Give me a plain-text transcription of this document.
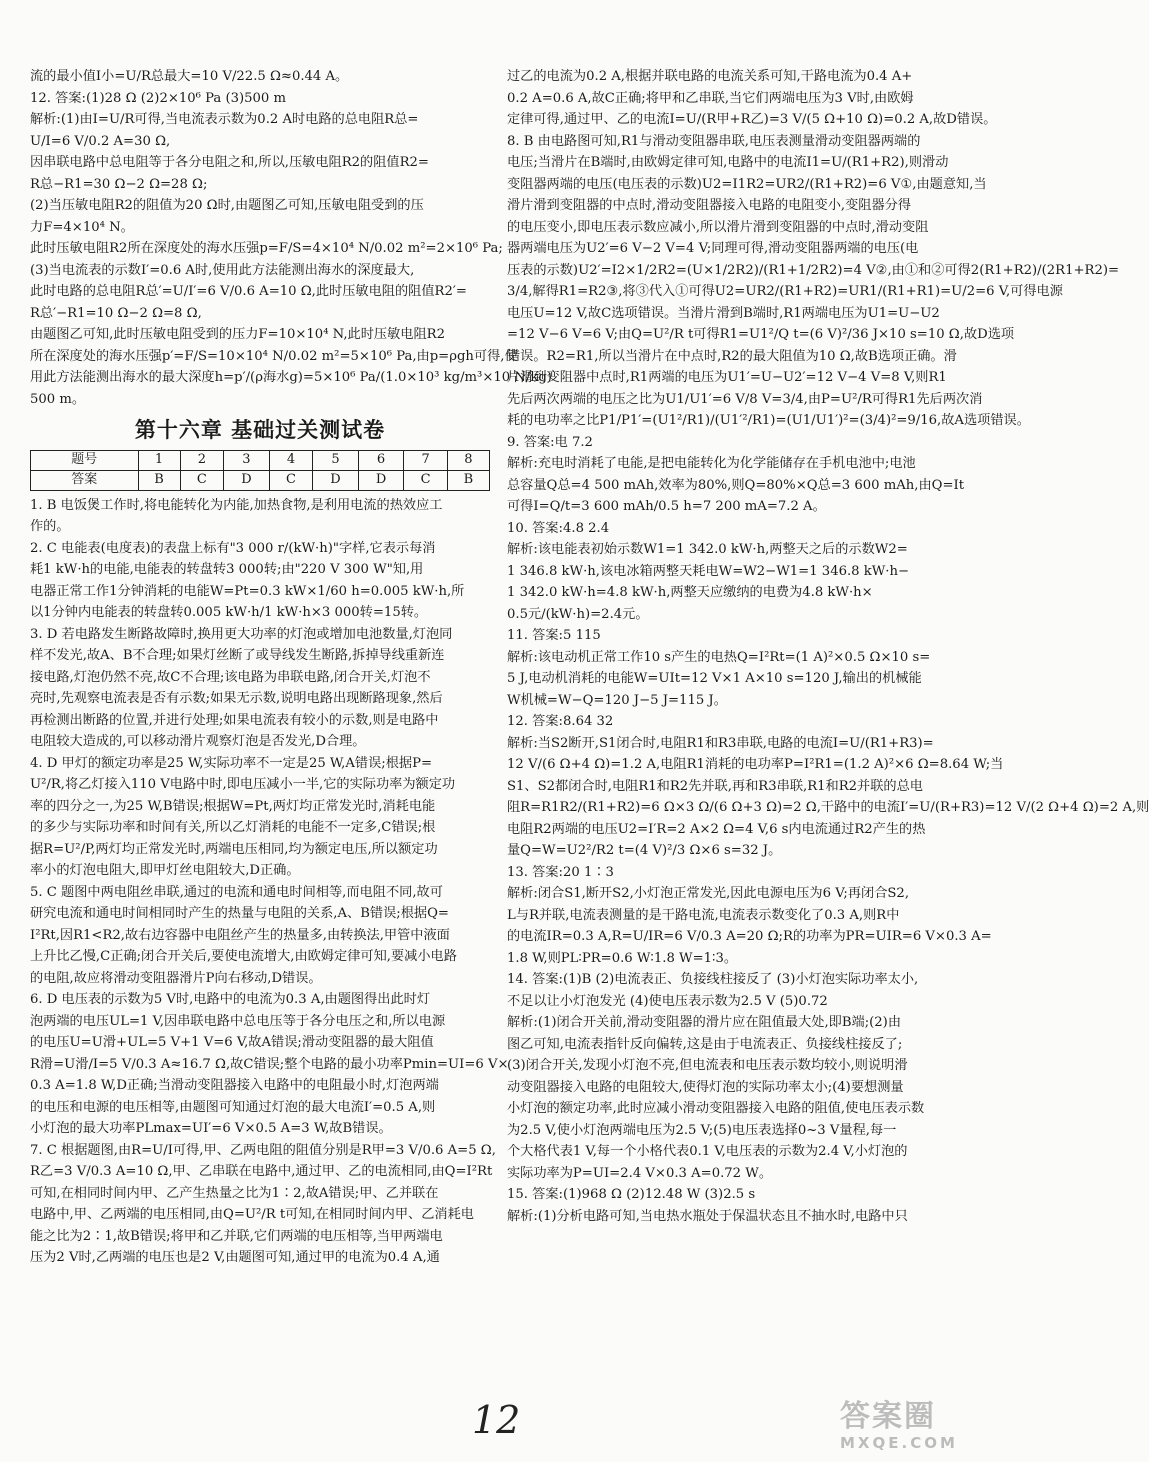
流的最小值I小=U/R总最大=10 V/22.5 Ω≈0.44 A。
12. 答案:(1)28 Ω (2)2×10⁶ Pa (3)500 m
解析:(1)由I=U/R可得,当电流表示数为0.2 A时电路的总电阻R总=
U/I=6 V/0.2 A=30 Ω,
因串联电路中总电阻等于各分电阻之和,所以,压敏电阻R2的阻值R2=
R总−R1=30 Ω−2 Ω=28 Ω;
(2)当压敏电阻R2的阻值为20 Ω时,由题图乙可知,压敏电阻受到的压
力F=4×10⁴ N。
此时压敏电阻R2所在深度处的海水压强p=F/S=4×10⁴ N/0.02 m²=2×10⁶ Pa;
(3)当电流表的示数I′=0.6 A时,使用此方法能测出海水的深度最大,
此时电路的总电阻R总′=U/I′=6 V/0.6 A=10 Ω,此时压敏电阻的阻值R2′=
R总′−R1=10 Ω−2 Ω=8 Ω,
由题图乙可知,此时压敏电阻受到的压力F=10×10⁴ N,此时压敏电阻R2
所在深度处的海水压强p′=F/S=10×10⁴ N/0.02 m²=5×10⁶ Pa,由p=ρgh可得,使
用此方法能测出海水的最大深度h=p′/(ρ海水g)=5×10⁶ Pa/(1.0×10³ kg/m³×10 N/kg)
500 m。
第十六章 基础过关测试卷
题号	1	2	3	4	5	6	7	8
答案	B	C	D	C	D	D	C	B
1. B 电饭煲工作时,将电能转化为内能,加热食物,是利用电流的热效应工
作的。
2. C 电能表(电度表)的表盘上标有"3 000 r/(kW·h)"字样,它表示每消
耗1 kW·h的电能,电能表的转盘转3 000转;由"220 V 300 W"知,用
电器正常工作1分钟消耗的电能W=Pt=0.3 kW×1/60 h=0.005 kW·h,所
以1分钟内电能表的转盘转0.005 kW·h/1 kW·h×3 000转=15转。
3. D 若电路发生断路故障时,换用更大功率的灯泡或增加电池数量,灯泡同
样不发光,故A、B不合理;如果灯丝断了或导线发生断路,拆掉导线重新连
接电路,灯泡仍然不亮,故C不合理;该电路为串联电路,闭合开关,灯泡不
亮时,先观察电流表是否有示数;如果无示数,说明电路出现断路现象,然后
再检测出断路的位置,并进行处理;如果电流表有较小的示数,则是电路中
电阻较大造成的,可以移动滑片观察灯泡是否发光,D合理。
4. D 甲灯的额定功率是25 W,实际功率不一定是25 W,A错误;根据P=
U²/R,将乙灯接入110 V电路中时,即电压减小一半,它的实际功率为额定功
率的四分之一,为25 W,B错误;根据W=Pt,两灯均正常发光时,消耗电能
的多少与实际功率和时间有关,所以乙灯消耗的电能不一定多,C错误;根
据R=U²/P,两灯均正常发光时,两端电压相同,均为额定电压,所以额定功
率小的灯泡电阻大,即甲灯丝电阻较大,D正确。
5. C 题图中两电阻丝串联,通过的电流和通电时间相等,而电阻不同,故可
研究电流和通电时间相同时产生的热量与电阻的关系,A、B错误;根据Q=
I²Rt,因R1<R2,故右边容器中电阻丝产生的热量多,由转换法,甲管中液面
上升比乙慢,C正确;闭合开关后,要使电流增大,由欧姆定律可知,要减小电路
的电阻,故应将滑动变阻器滑片P向右移动,D错误。
6. D 电压表的示数为5 V时,电路中的电流为0.3 A,由题图得出此时灯
泡两端的电压UL=1 V,因串联电路中总电压等于各分电压之和,所以电源
的电压U=U滑+UL=5 V+1 V=6 V,故A错误;滑动变阻器的最大阻值
R滑=U滑/I=5 V/0.3 A≈16.7 Ω,故C错误;整个电路的最小功率Pmin=UI=6 V×
0.3 A=1.8 W,D正确;当滑动变阻器接入电路中的电阻最小时,灯泡两端
的电压和电源的电压相等,由题图可知通过灯泡的最大电流I′=0.5 A,则
小灯泡的最大功率PLmax=UI′=6 V×0.5 A=3 W,故B错误。
7. C 根据题图,由R=U/I可得,甲、乙两电阻的阻值分别是R甲=3 V/0.6 A=5 Ω,
R乙=3 V/0.3 A=10 Ω,甲、乙串联在电路中,通过甲、乙的电流相同,由Q=I²Rt
可知,在相同时间内甲、乙产生热量之比为1∶2,故A错误;甲、乙并联在
电路中,甲、乙两端的电压相同,由Q=U²/R t可知,在相同时间内甲、乙消耗电
能之比为2∶1,故B错误;将甲和乙并联,它们两端的电压相等,当甲两端电
压为2 V时,乙两端的电压也是2 V,由题图可知,通过甲的电流为0.4 A,通
过乙的电流为0.2 A,根据并联电路的电流关系可知,干路电流为0.4 A+
0.2 A=0.6 A,故C正确;将甲和乙串联,当它们两端电压为3 V时,由欧姆
定律可得,通过甲、乙的电流I=U/(R甲+R乙)=3 V/(5 Ω+10 Ω)=0.2 A,故D错误。
8. B 由电路图可知,R1与滑动变阻器串联,电压表测量滑动变阻器两端的
电压;当滑片在B端时,由欧姆定律可知,电路中的电流I1=U/(R1+R2),则滑动
变阻器两端的电压(电压表的示数)U2=I1R2=UR2/(R1+R2)=6 V①,由题意知,当
滑片滑到变阻器的中点时,滑动变阻器接入电路的电阻变小,变阻器分得
的电压变小,即电压表示数应减小,所以滑片滑到变阻器的中点时,滑动变阻
器两端电压为U2′=6 V−2 V=4 V;同理可得,滑动变阻器两端的电压(电
压表的示数)U2′=I2×1/2R2=(U×1/2R2)/(R1+1/2R2)=4 V②,由①和②可得2(R1+R2)/(2R1+R2)=
3/4,解得R1=R2③,将③代入①可得U2=UR2/(R1+R2)=UR1/(R1+R1)=U/2=6 V,可得电源
电压U=12 V,故C选项错误。当滑片滑到B端时,R1两端电压为U1=U−U2
=12 V−6 V=6 V;由Q=U²/R t可得R1=U1²/Q t=(6 V)²/36 J×10 s=10 Ω,故D选项
错误。R2=R1,所以当滑片在中点时,R2的最大阻值为10 Ω,故B选项正确。滑
片滑到变阻器中点时,R1两端的电压为U1′=U−U2′=12 V−4 V=8 V,则R1
先后两次两端的电压之比为U1/U1′=6 V/8 V=3/4,由P=U²/R可得R1先后两次消
耗的电功率之比P1/P1′=(U1²/R1)/(U1′²/R1)=(U1/U1′)²=(3/4)²=9/16,故A选项错误。
9. 答案:电 7.2
解析:充电时消耗了电能,是把电能转化为化学能储存在手机电池中;电池
总容量Q总=4 500 mAh,效率为80%,则Q=80%×Q总=3 600 mAh,由Q=It
可得I=Q/t=3 600 mAh/0.5 h=7 200 mA=7.2 A。
10. 答案:4.8 2.4
解析:该电能表初始示数W1=1 342.0 kW·h,两整天之后的示数W2=
1 346.8 kW·h,该电冰箱两整天耗电W=W2−W1=1 346.8 kW·h−
1 342.0 kW·h=4.8 kW·h,两整天应缴纳的电费为4.8 kW·h×
0.5元/(kW·h)=2.4元。
11. 答案:5 115
解析:该电动机正常工作10 s产生的电热Q=I²Rt=(1 A)²×0.5 Ω×10 s=
5 J,电动机消耗的电能W=UIt=12 V×1 A×10 s=120 J,输出的机械能
W机械=W−Q=120 J−5 J=115 J。
12. 答案:8.64 32
解析:当S2断开,S1闭合时,电阻R1和R3串联,电路的电流I=U/(R1+R3)=
12 V/(6 Ω+4 Ω)=1.2 A,电阻R1消耗的电功率P=I²R1=(1.2 A)²×6 Ω=8.64 W;当
S1、S2都闭合时,电阻R1和R2先并联,再和R3串联,R1和R2并联的总电
阻R=R1R2/(R1+R2)=6 Ω×3 Ω/(6 Ω+3 Ω)=2 Ω,干路中的电流I′=U/(R+R3)=12 V/(2 Ω+4 Ω)=2 A,则
电阻R2两端的电压U2=I′R=2 A×2 Ω=4 V,6 s内电流通过R2产生的热
量Q=W=U2²/R2 t=(4 V)²/3 Ω×6 s=32 J。
13. 答案:20 1∶3
解析:闭合S1,断开S2,小灯泡正常发光,因此电源电压为6 V;再闭合S2,
L与R并联,电流表测量的是干路电流,电流表示数变化了0.3 A,则R中
的电流IR=0.3 A,R=U/IR=6 V/0.3 A=20 Ω;R的功率为PR=UIR=6 V×0.3 A=
1.8 W,则PL∶PR=0.6 W∶1.8 W=1∶3。
14. 答案:(1)B (2)电流表正、负接线柱接反了 (3)小灯泡实际功率太小,
不足以让小灯泡发光 (4)使电压表示数为2.5 V (5)0.72
解析:(1)闭合开关前,滑动变阻器的滑片应在阻值最大处,即B端;(2)由
图乙可知,电流表指针反向偏转,这是由于电流表正、负接线柱接反了;
(3)闭合开关,发现小灯泡不亮,但电流表和电压表示数均较小,则说明滑
动变阻器接入电路的电阻较大,使得灯泡的实际功率太小;(4)要想测量
小灯泡的额定功率,此时应减小滑动变阻器接入电路的阻值,使电压表示数
为2.5 V,使小灯泡两端电压为2.5 V;(5)电压表选择0~3 V量程,每一
个大格代表1 V,每一个小格代表0.1 V,电压表的示数为2.4 V,小灯泡的
实际功率为P=UI=2.4 V×0.3 A=0.72 W。
15. 答案:(1)968 Ω (2)12.48 W (3)2.5 s
解析:(1)分析电路可知,当电热水瓶处于保温状态且不抽水时,电路中只
12	答案圈
MXQE.COM
